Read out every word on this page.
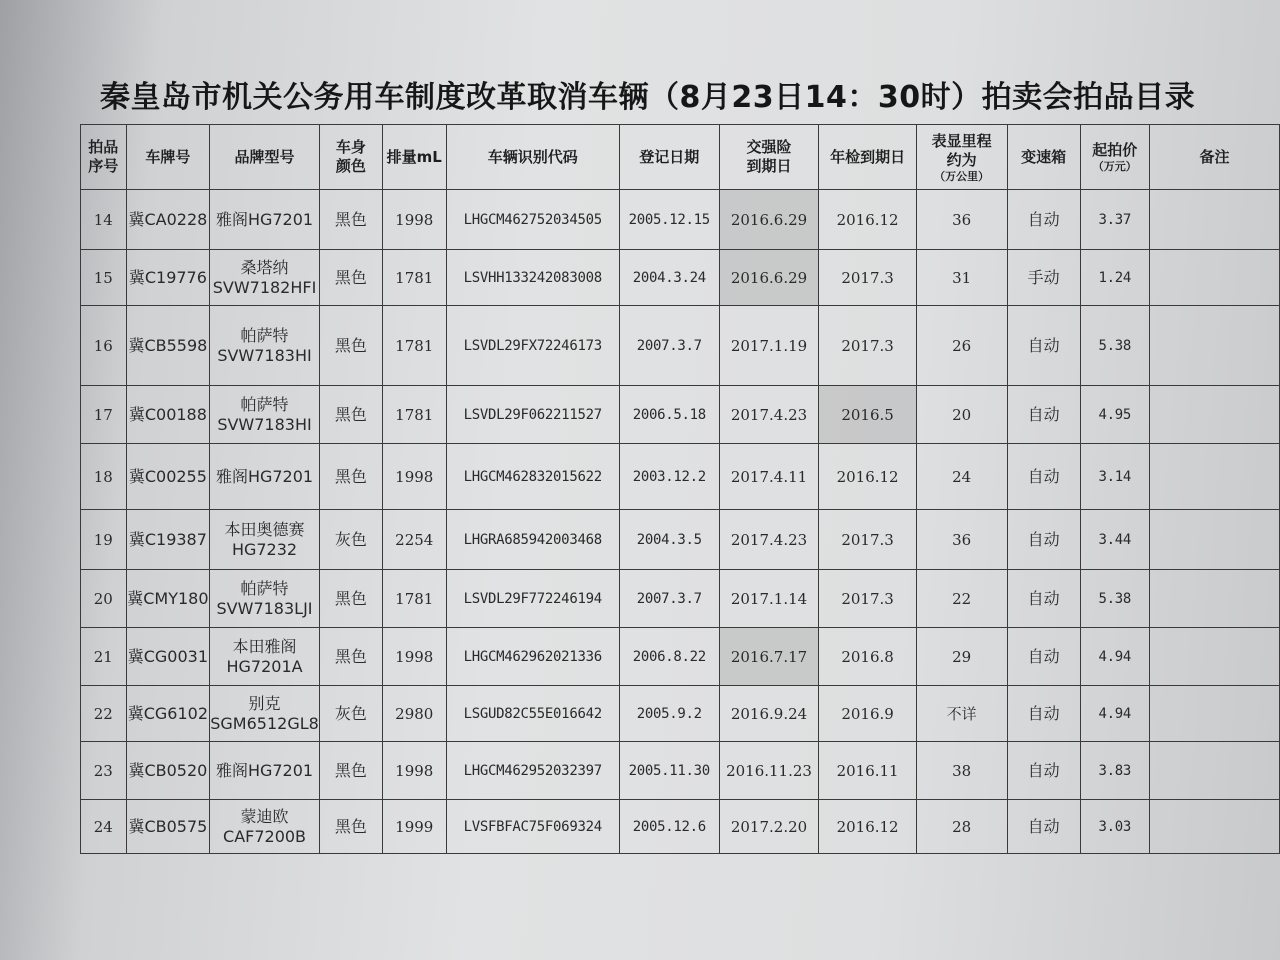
秦皇岛市机关公务用车制度改革取消车辆（8月23日14：30时）拍卖会拍品目录
拍品
序号	车牌号	品牌型号	车身
颜色	排量mL	车辆识别代码	登记日期	交强险
到期日	年检到期日	表显里程
约为
（万公里）	变速箱	起拍价
（万元）	备注
14	冀CA0228	雅阁HG7201	黑色	1998	LHGCM462752034505	2005.12.15	2016.6.29	2016.12	36	自动	3.37	
15	冀C19776	桑塔纳
SVW7182HFI	黑色	1781	LSVHH133242083008	2004.3.24	2016.6.29	2017.3	31	手动	1.24	
16	冀CB5598	帕萨特
SVW7183HI	黑色	1781	LSVDL29FX72246173	2007.3.7	2017.1.19	2017.3	26	自动	5.38	
17	冀C00188	帕萨特
SVW7183HI	黑色	1781	LSVDL29F062211527	2006.5.18	2017.4.23	2016.5	20	自动	4.95	
18	冀C00255	雅阁HG7201	黑色	1998	LHGCM462832015622	2003.12.2	2017.4.11	2016.12	24	自动	3.14	
19	冀C19387	本田奥德赛
HG7232	灰色	2254	LHGRA685942003468	2004.3.5	2017.4.23	2017.3	36	自动	3.44	
20	冀CMY180	帕萨特
SVW7183LJI	黑色	1781	LSVDL29F772246194	2007.3.7	2017.1.14	2017.3	22	自动	5.38	
21	冀CG0031	本田雅阁
HG7201A	黑色	1998	LHGCM462962021336	2006.8.22	2016.7.17	2016.8	29	自动	4.94	
22	冀CG6102	别克
SGM6512GL8	灰色	2980	LSGUD82C55E016642	2005.9.2	2016.9.24	2016.9	不详	自动	4.94	
23	冀CB0520	雅阁HG7201	黑色	1998	LHGCM462952032397	2005.11.30	2016.11.23	2016.11	38	自动	3.83	
24	冀CB0575	蒙迪欧
CAF7200B	黑色	1999	LVSFBFAC75F069324	2005.12.6	2017.2.20	2016.12	28	自动	3.03	
